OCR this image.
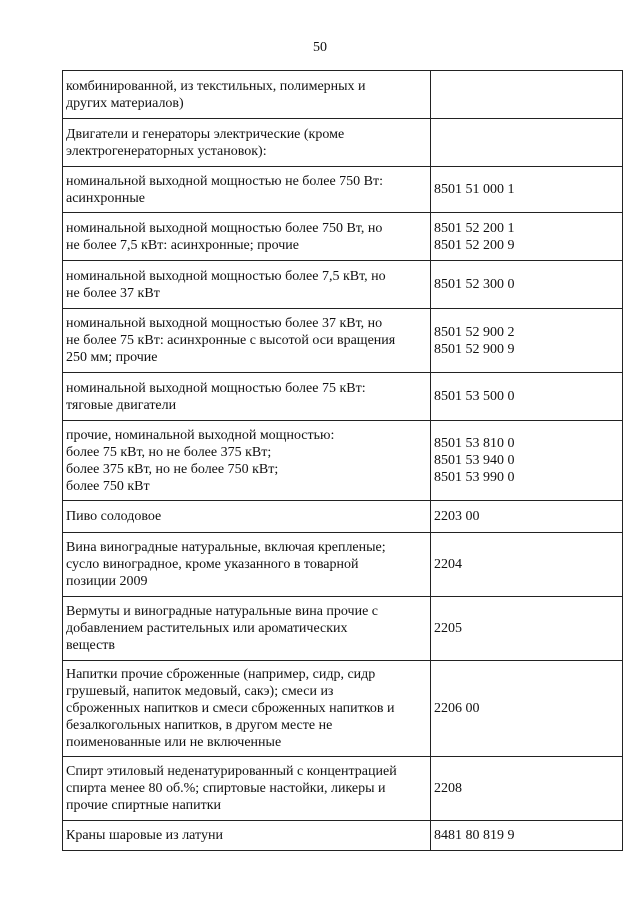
50
комбинированной, из текстильных, полимерных и
других материалов)	

Двигатели и генераторы электрические (кроме
электрогенераторных установок):	

номинальной выходной мощностью не более 750 Вт:
асинхронные	8501 51 000 1

номинальной выходной мощностью более 750 Вт, но
не более 7,5 кВт: асинхронные; прочие	8501 52 200 1
8501 52 200 9

номинальной выходной мощностью более 7,5 кВт, но
не более 37 кВт	8501 52 300 0

номинальной выходной мощностью более 37 кВт, но
не более 75 кВт: асинхронные с высотой оси вращения
250 мм; прочие	8501 52 900 2
8501 52 900 9

номинальной выходной мощностью более 75 кВт:
тяговые двигатели	8501 53 500 0

прочие, номинальной выходной мощностью:
более 75 кВт, но не более 375 кВт;
более 375 кВт, но не более 750 кВт;
более 750 кВт	8501 53 810 0
8501 53 940 0
8501 53 990 0

Пиво солодовое	2203 00

Вина виноградные натуральные, включая крепленые;
сусло виноградное, кроме указанного в товарной
позиции 2009	2204

Вермуты и виноградные натуральные вина прочие с
добавлением растительных или ароматических
веществ	2205

Напитки прочие сброженные (например, сидр, сидр
грушевый, напиток медовый, сакэ); смеси из
сброженных напитков и смеси сброженных напитков и
безалкогольных напитков, в другом месте не
поименованные или не включенные	2206 00

Спирт этиловый неденатурированный с концентрацией
спирта менее 80 об.%; спиртовые настойки, ликеры и
прочие спиртные напитки	2208

Краны шаровые из латуни	8481 80 819 9
